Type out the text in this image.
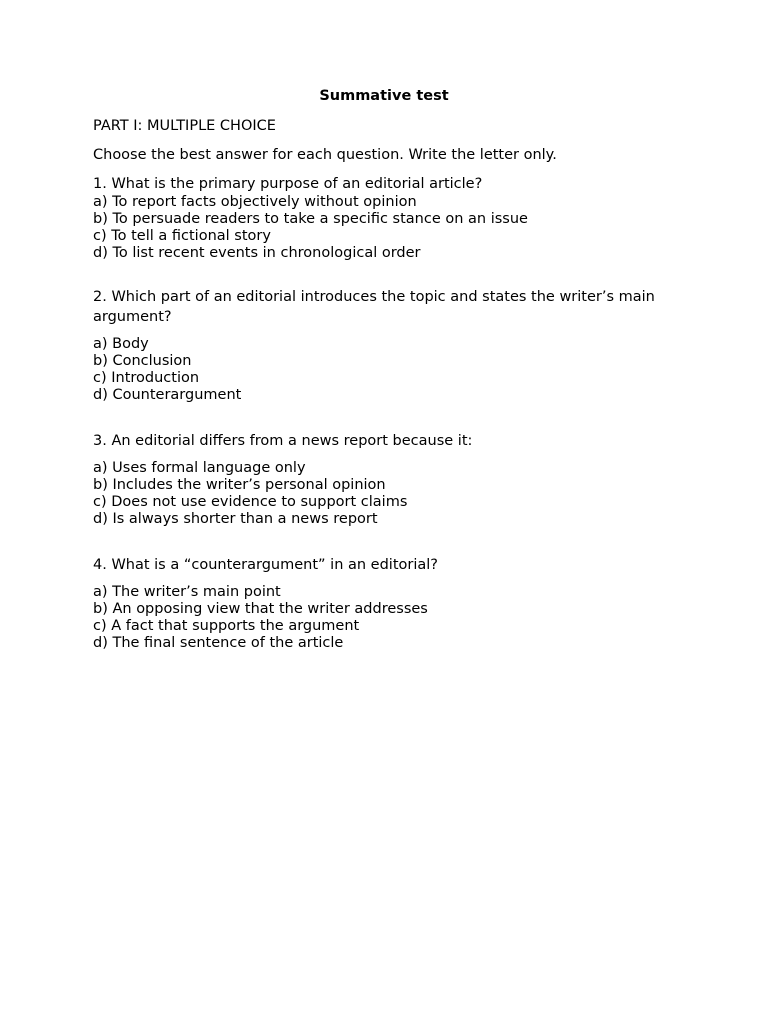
Summative test
PART I: MULTIPLE CHOICE
Choose the best answer for each question. Write the letter only.
1. What is the primary purpose of an editorial article?
a) To report facts objectively without opinion
b) To persuade readers to take a specific stance on an issue
c) To tell a fictional story
d) To list recent events in chronological order
2. Which part of an editorial introduces the topic and states the writer’s main argument?
a) Body
b) Conclusion
c) Introduction
d) Counterargument
3. An editorial differs from a news report because it:
a) Uses formal language only
b) Includes the writer’s personal opinion
c) Does not use evidence to support claims
d) Is always shorter than a news report
4. What is a “counterargument” in an editorial?
a) The writer’s main point
b) An opposing view that the writer addresses
c) A fact that supports the argument
d) The final sentence of the article
